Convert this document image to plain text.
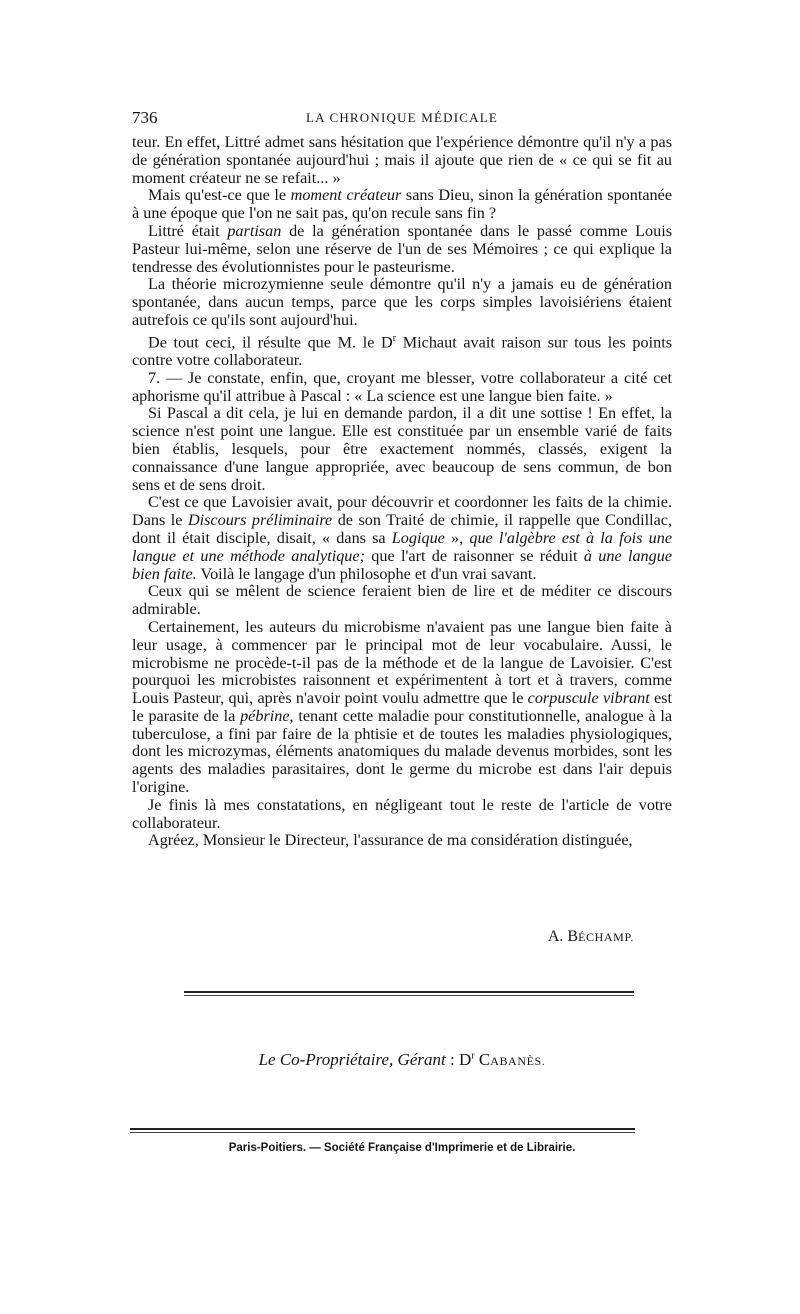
736	LA CHRONIQUE MÉDICALE

teur. En effet, Littré admet sans hésitation que l'expérience démontre qu'il n'y a pas de génération spontanée aujourd'hui ; mais il ajoute que rien de « ce qui se fit au moment créateur ne se refait... »

Mais qu'est-ce que le moment créateur sans Dieu, sinon la génération spontanée à une époque que l'on ne sait pas, qu'on recule sans fin ?

Littré était partisan de la génération spontanée dans le passé comme Louis Pasteur lui-même, selon une réserve de l'un de ses Mémoires ; ce qui explique la tendresse des évolutionnistes pour le pasteurisme.

La théorie microzymienne seule démontre qu'il n'y a jamais eu de génération spontanée, dans aucun temps, parce que les corps simples lavoisiériens étaient autrefois ce qu'ils sont aujourd'hui.

De tout ceci, il résulte que M. le $D^r$ Michaut avait raison sur tous les points contre votre collaborateur.

7. — Je constate, enfin, que, croyant me blesser, votre collaborateur a cité cet aphorisme qu'il attribue à Pascal : « La science est une langue bien faite. »

Si Pascal a dit cela, je lui en demande pardon, il a dit une sottise ! En effet, la science n'est point une langue. Elle est constituée par un ensemble varié de faits bien établis, lesquels, pour être exactement nommés, classés, exigent la connaissance d'une langue appropriée, avec beaucoup de sens commun, de bon sens et de sens droit.

C'est ce que Lavoisier avait, pour découvrir et coordonner les faits de la chimie. Dans le Discours préliminaire de son Traité de chimie, il rappelle que Condillac, dont il était disciple, disait, « dans sa Logique », que l'algèbre est à la fois une langue et une méthode analytique; que l'art de raisonner se réduit à une langue bien faite. Voilà le langage d'un philosophe et d'un vrai savant.

Ceux qui se mêlent de science feraient bien de lire et de méditer ce discours admirable.

Certainement, les auteurs du microbisme n'avaient pas une langue bien faite à leur usage, à commencer par le principal mot de leur vocabulaire. Aussi, le microbisme ne procède-t-il pas de la méthode et de la langue de Lavoisier. C'est pourquoi les microbistes raisonnent et expérimentent à tort et à travers, comme Louis Pasteur, qui, après n'avoir point voulu admettre que le corpuscule vibrant est le parasite de la pébrine, tenant cette maladie pour constitutionnelle, analogue à la tuberculose, a fini par faire de la phtisie et de toutes les maladies physiologiques, dont les microzymas, éléments anatomiques du malade devenus morbides, sont les agents des maladies parasitaires, dont le germe du microbe est dans l'air depuis l'origine.

Je finis là mes constatations, en négligeant tout le reste de l'article de votre collaborateur.

Agréez, Monsieur le Directeur, l'assurance de ma considération distinguée,

A. BÉCHAMP.
Le Co-Propriétaire, Gérant : $D^r$ CABANÈS.
Paris-Poitiers. — Société Française d'Imprimerie et de Librairie.
